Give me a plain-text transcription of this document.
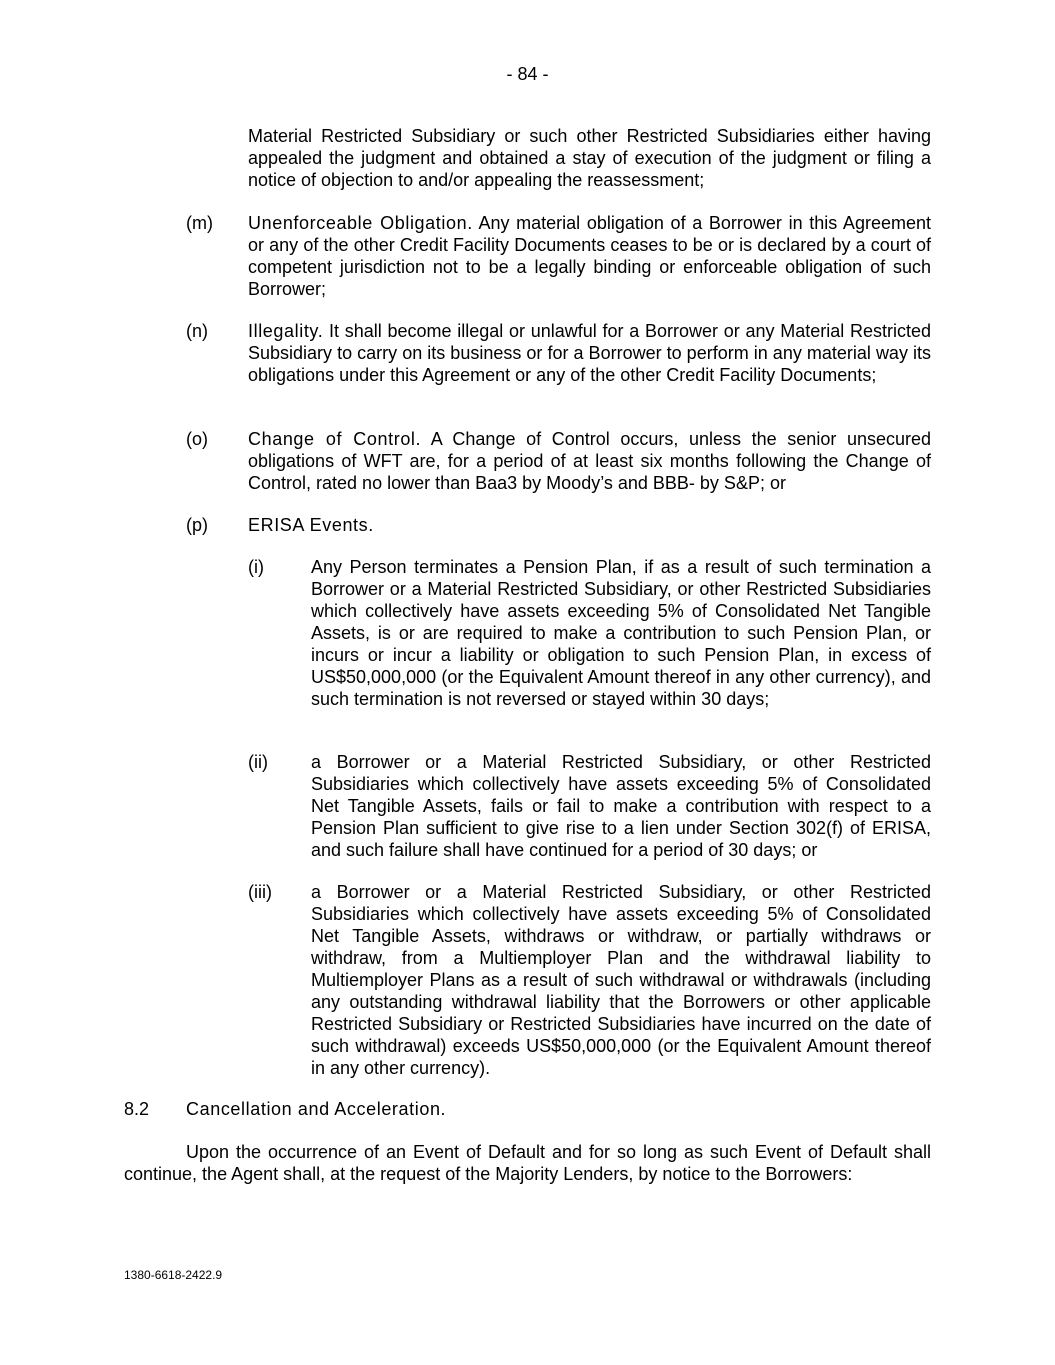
- 84 -
Material Restricted Subsidiary or such other Restricted Subsidiaries either having appealed the judgment and obtained a stay of execution of the judgment or filing a notice of objection to and/or appealing the reassessment;
(m) Unenforceable Obligation. Any material obligation of a Borrower in this Agreement or any of the other Credit Facility Documents ceases to be or is declared by a court of competent jurisdiction not to be a legally binding or enforceable obligation of such Borrower;
(n) Illegality. It shall become illegal or unlawful for a Borrower or any Material Restricted Subsidiary to carry on its business or for a Borrower to perform in any material way its obligations under this Agreement or any of the other Credit Facility Documents;
(o) Change of Control. A Change of Control occurs, unless the senior unsecured obligations of WFT are, for a period of at least six months following the Change of Control, rated no lower than Baa3 by Moody’s and BBB- by S&P; or
(p) ERISA Events.
(i)	Any Person terminates a Pension Plan, if as a result of such termination a Borrower or a Material Restricted Subsidiary, or other Restricted Subsidiaries which collectively have assets exceeding 5% of Consolidated Net Tangible Assets, is or are required to make a contribution to such Pension Plan, or incurs or incur a liability or obligation to such Pension Plan, in excess of US$50,000,000 (or the Equivalent Amount thereof in any other currency), and such termination is not reversed or stayed within 30 days;
(ii) a Borrower or a Material Restricted Subsidiary, or other Restricted Subsidiaries which collectively have assets exceeding 5% of Consolidated Net Tangible Assets, fails or fail to make a contribution with respect to a Pension Plan sufficient to give rise to a lien under Section 302(f) of ERISA, and such failure shall have continued for a period of 30 days; or
(iii) a Borrower or a Material Restricted Subsidiary, or other Restricted Subsidiaries which collectively have assets exceeding 5% of Consolidated Net Tangible Assets, withdraws or withdraw, or partially withdraws or withdraw, from a Multiemployer Plan and the withdrawal liability to Multiemployer Plans as a result of such withdrawal or withdrawals (including any outstanding withdrawal liability that the Borrowers or other applicable Restricted Subsidiary or Restricted Subsidiaries have incurred on the date of such withdrawal) exceeds US$50,000,000 (or the Equivalent Amount thereof in any other currency).
8.2 Cancellation and Acceleration.
Upon the occurrence of an Event of Default and for so long as such Event of Default shall continue, the Agent shall, at the request of the Majority Lenders, by notice to the Borrowers:
1380-6618-2422.9
